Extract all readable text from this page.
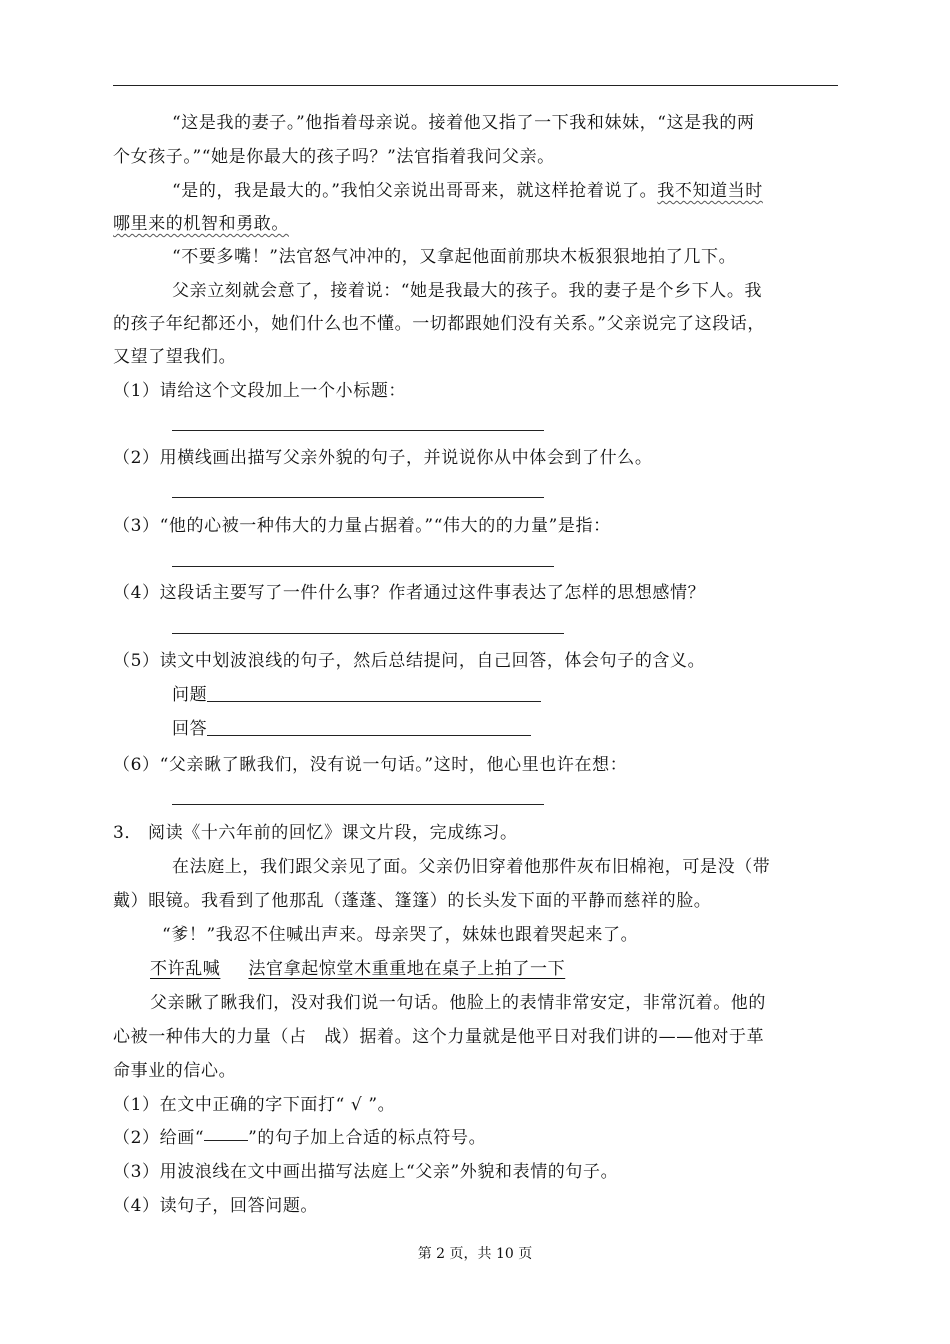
“这是我的妻子。”他指着母亲说。接着他又指了一下我和妹妹，“这是我的两
个女孩子。”“她是你最大的孩子吗？”法官指着我问父亲。
“是的，我是最大的。”我怕父亲说出哥哥来，就这样抢着说了。我不知道当时
哪里来的机智和勇敢。
“不要多嘴！”法官怒气冲冲的，又拿起他面前那块木板狠狠地拍了几下。
父亲立刻就会意了，接着说：“她是我最大的孩子。我的妻子是个乡下人。我
的孩子年纪都还小，她们什么也不懂。一切都跟她们没有关系。”父亲说完了这段话，
又望了望我们。
（1）请给这个文段加上一个小标题：
（2）用横线画出描写父亲外貌的句子，并说说你从中体会到了什么。
（3）“他的心被一种伟大的力量占据着。”“伟大的的力量”是指：
（4）这段话主要写了一件什么事？作者通过这件事表达了怎样的思想感情？
（5）读文中划波浪线的句子，然后总结提问，自己回答，体会句子的含义。
问题
回答
（6）“父亲瞅了瞅我们，没有说一句话。”这时，他心里也许在想：
3． 阅读《十六年前的回忆》课文片段，完成练习。
在法庭上，我们跟父亲见了面。父亲仍旧穿着他那件灰布旧棉袍，可是没（带
戴）眼镜。我看到了他那乱（蓬蓬、篷篷）的长头发下面的平静而慈祥的脸。
“爹！”我忍不住喊出声来。母亲哭了，妹妹也跟着哭起来了。
不许乱喊 法官拿起惊堂木重重地在桌子上拍了一下
父亲瞅了瞅我们，没对我们说一句话。他脸上的表情非常安定，非常沉着。他的
心被一种伟大的力量（占　战）据着。这个力量就是他平日对我们讲的——他对于革
命事业的信心。
（1）在文中正确的字下面打“ √ ”。
（2）给画“	”的句子加上合适的标点符号。
（3）用波浪线在文中画出描写法庭上“父亲”外貌和表情的句子。
（4）读句子，回答问题。
第 2 页，共 10 页
